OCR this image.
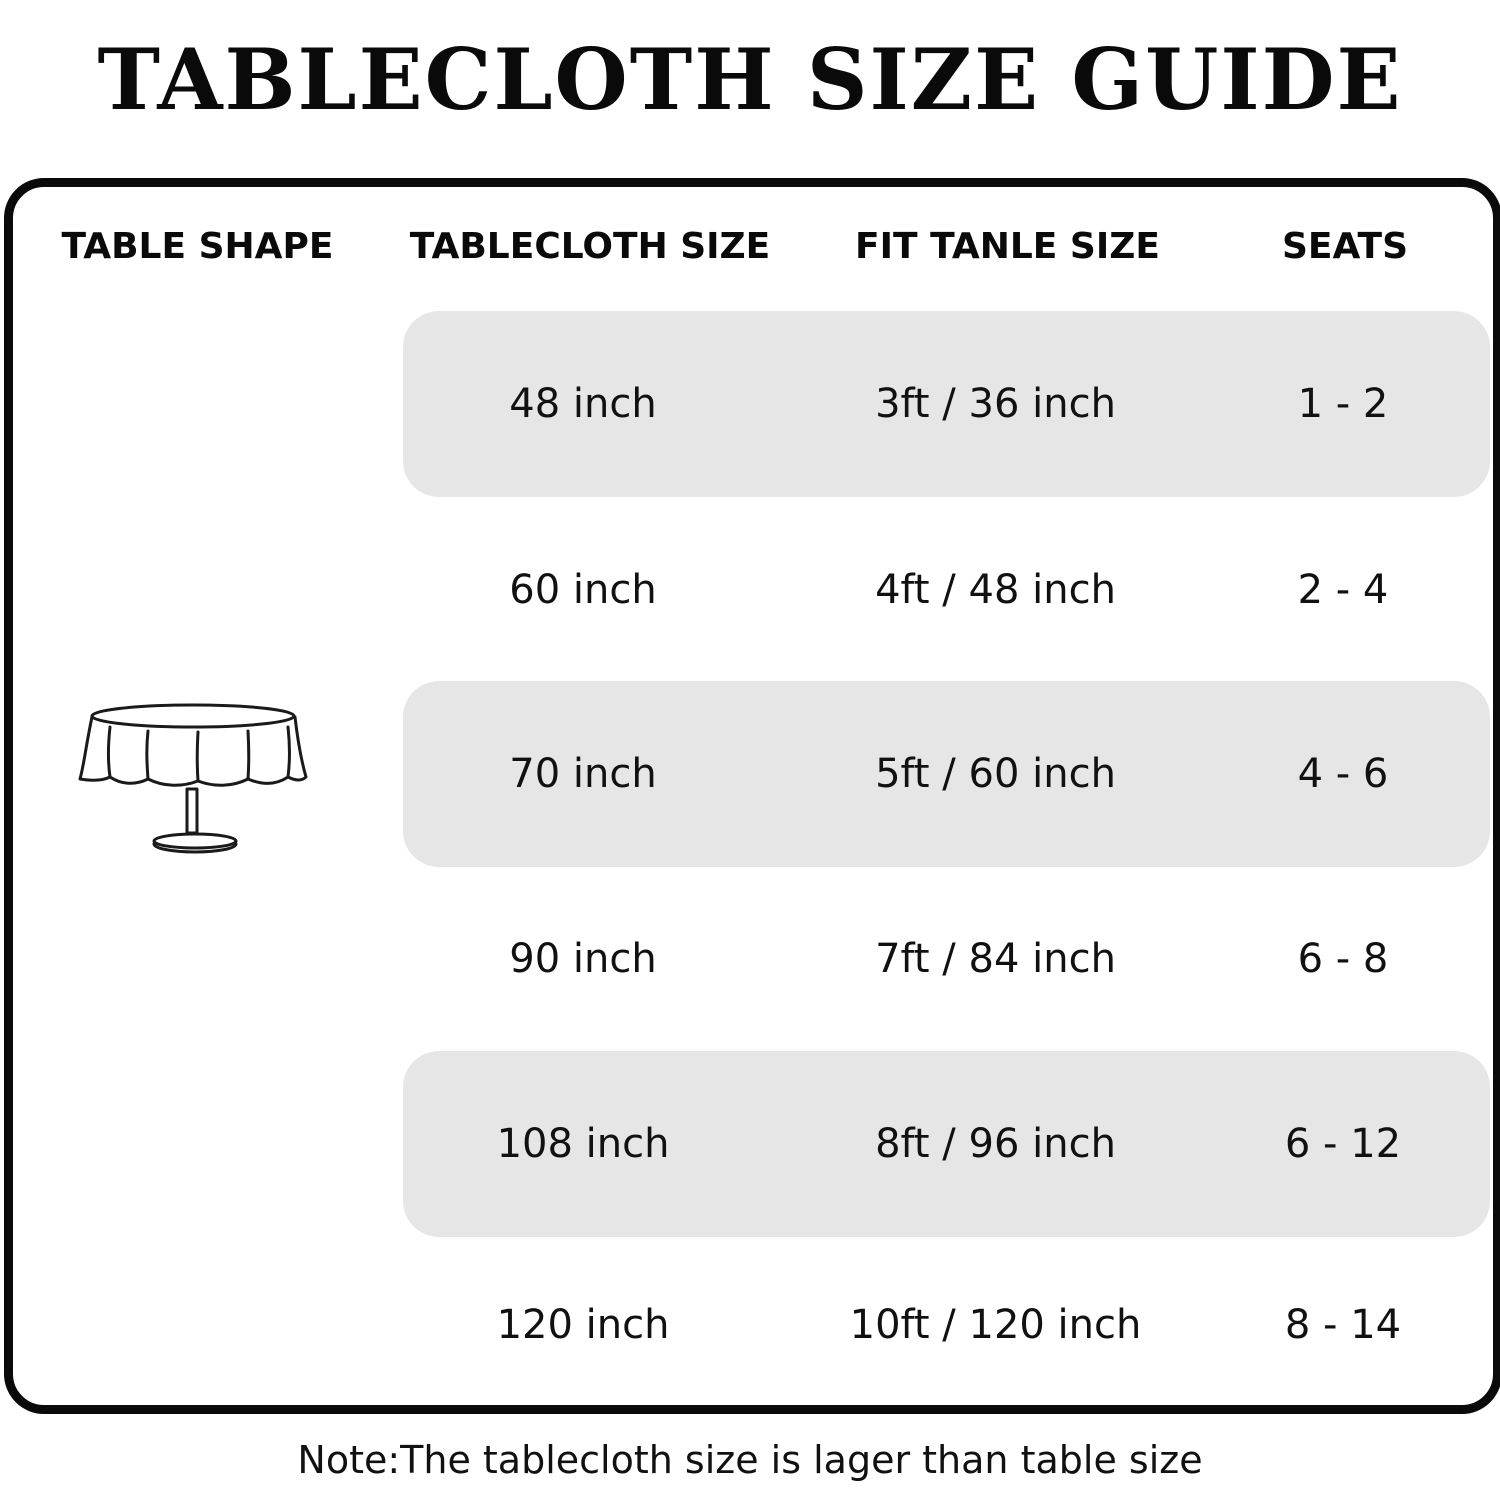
TABLECLOTH SIZE GUIDE
TABLE SHAPE	TABLECLOTH SIZE	FIT TANLE SIZE	SEATS
48 inch	3ft / 36 inch	1 - 2
60 inch	4ft / 48 inch	2 - 4
70 inch	5ft / 60 inch	4 - 6
90 inch	7ft / 84 inch	6 - 8
108 inch	8ft / 96 inch	6 - 12
120 inch	10ft / 120 inch	8 - 14
Note:The tablecloth size is lager than table size
